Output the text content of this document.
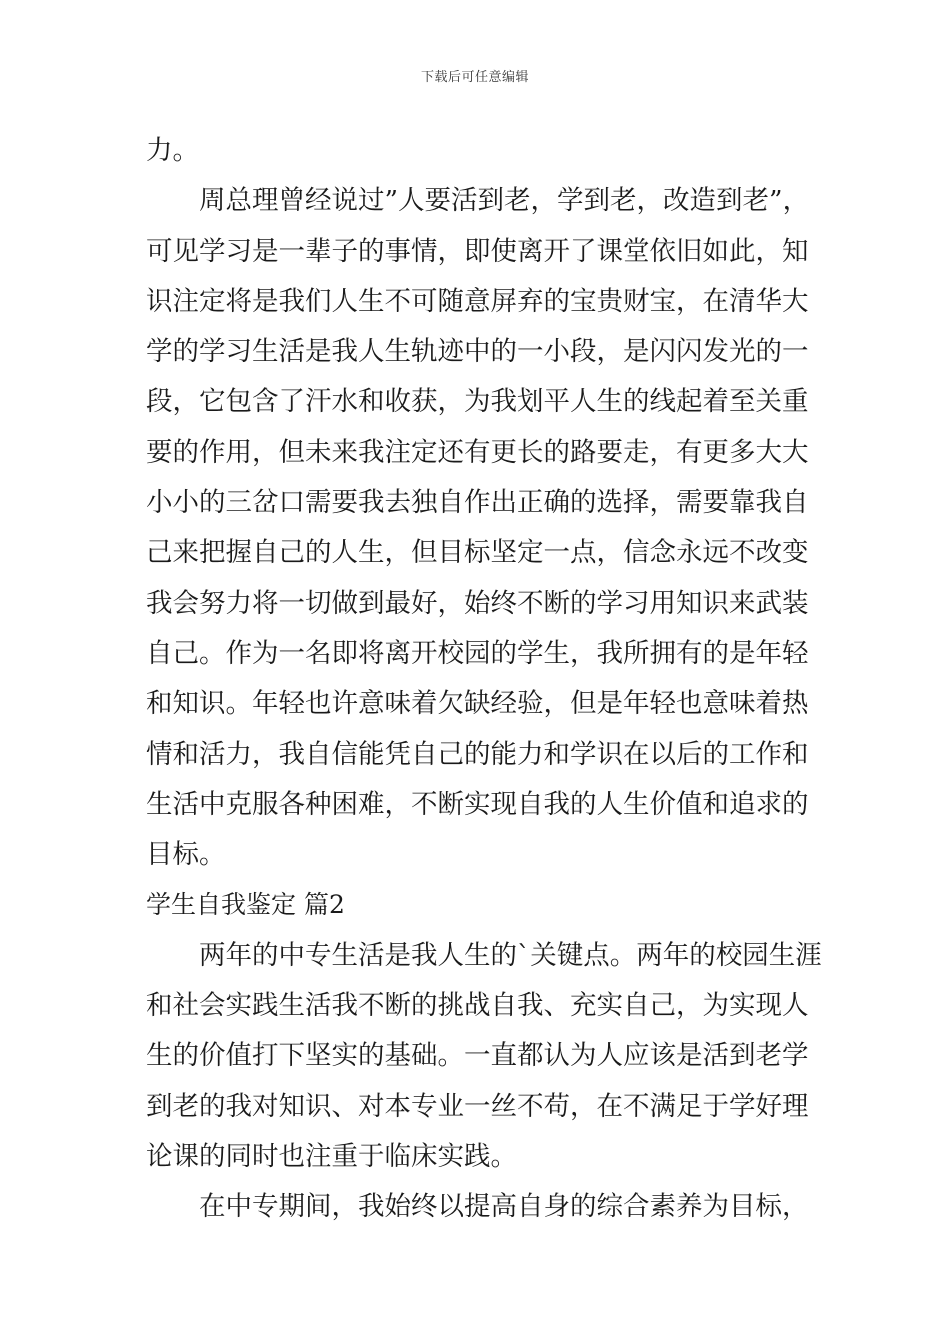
下载后可任意编辑
力。
周总理曾经说过”人要活到老，学到老，改造到老”，
可见学习是一辈子的事情，即使离开了课堂依旧如此，知
识注定将是我们人生不可随意屏弃的宝贵财宝，在清华大
学的学习生活是我人生轨迹中的一小段，是闪闪发光的一
段，它包含了汗水和收获，为我划平人生的线起着至关重
要的作用，但未来我注定还有更长的路要走，有更多大大
小小的三岔口需要我去独自作出正确的选择，需要靠我自
己来把握自己的人生，但目标坚定一点，信念永远不改变
我会努力将一切做到最好，始终不断的学习用知识来武装
自己。作为一名即将离开校园的学生，我所拥有的是年轻
和知识。年轻也许意味着欠缺经验，但是年轻也意味着热
情和活力，我自信能凭自己的能力和学识在以后的工作和
生活中克服各种困难，不断实现自我的人生价值和追求的
目标。
学生自我鉴定 篇2
两年的中专生活是我人生的`关键点。两年的校园生涯
和社会实践生活我不断的挑战自我、充实自己，为实现人
生的价值打下坚实的基础。一直都认为人应该是活到老学
到老的我对知识、对本专业一丝不苟，在不满足于学好理
论课的同时也注重于临床实践。
在中专期间，我始终以提高自身的综合素养为目标，
